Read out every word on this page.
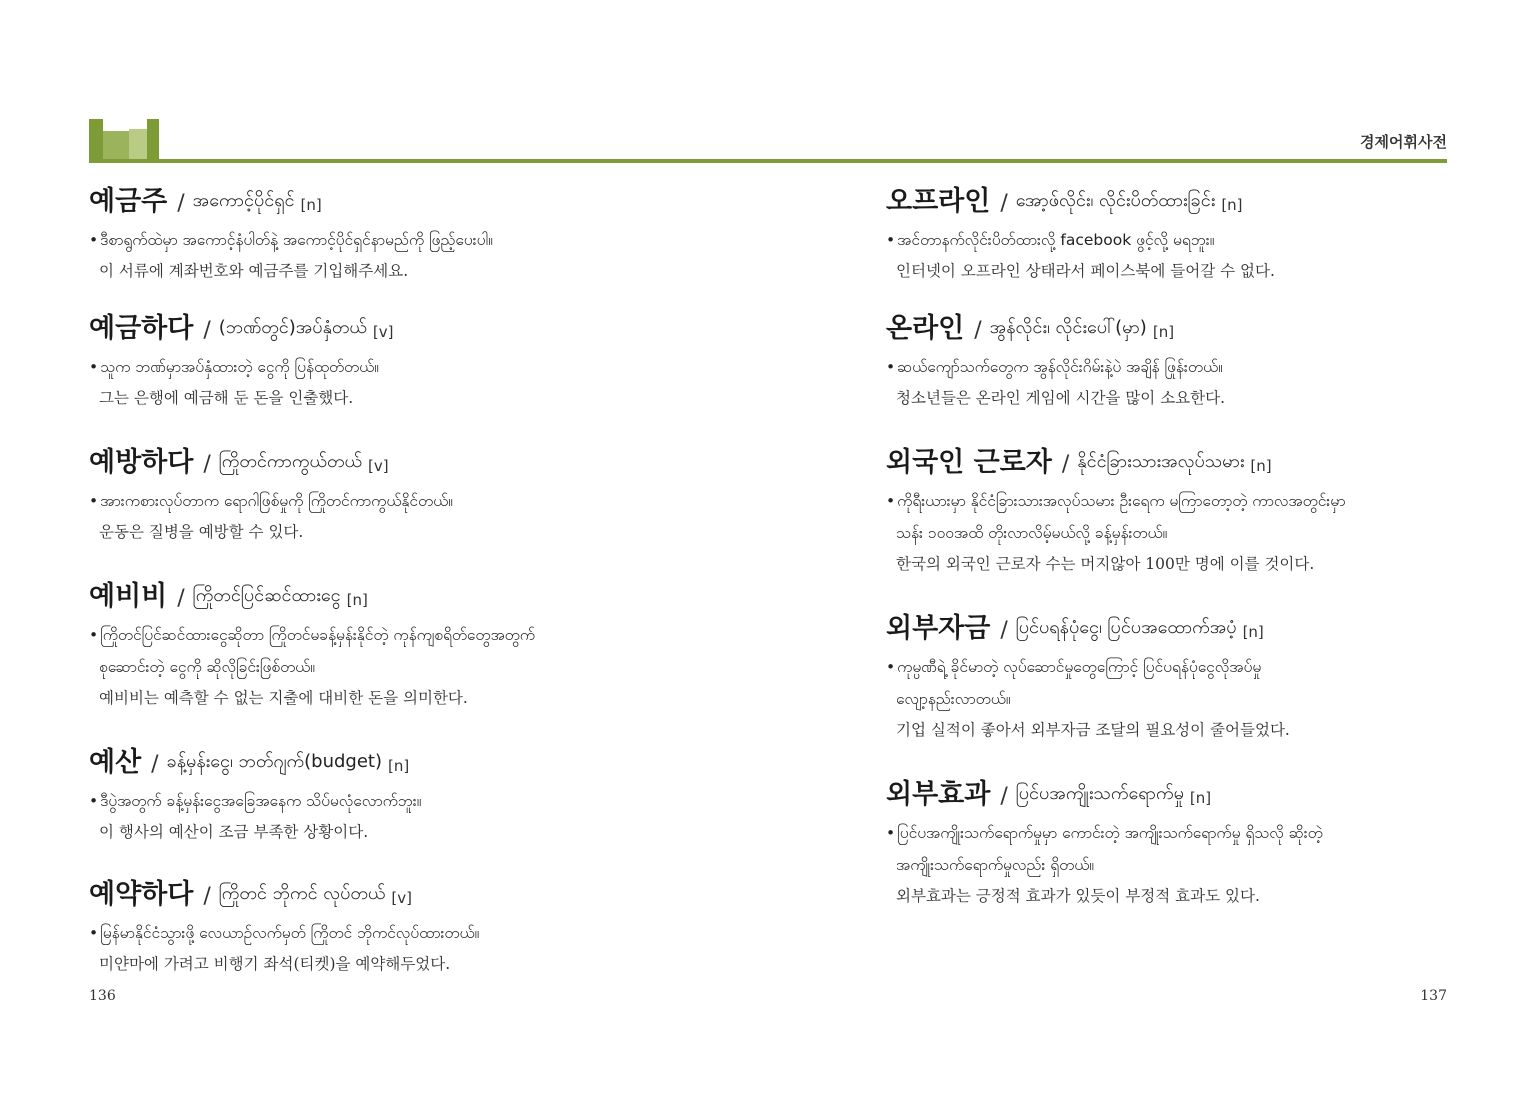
경제어휘사전
예금주 / အကောင့်ပိုင်ရှင် [n]
• ဒီစာရွက်ထဲမှာ အကောင့်နံပါတ်နဲ့ အကောင့်ပိုင်ရှင်နာမည်ကို ဖြည့်ပေးပါ။
이 서류에 계좌번호와 예금주를 기입해주세요.
예금하다 / (ဘဏ်တွင်)အပ်နှံတယ် [v]
• သူက ဘဏ်မှာအပ်နှံထားတဲ့ ငွေကို ပြန်ထုတ်တယ်။
그는 은행에 예금해 둔 돈을 인출했다.
예방하다 / ကြိုတင်ကာကွယ်တယ် [v]
• အားကစားလုပ်တာက ရောဂါဖြစ်မှုကို ကြိုတင်ကာကွယ်နိုင်တယ်။
운동은 질병을 예방할 수 있다.
예비비 / ကြိုတင်ပြင်ဆင်ထားငွေ [n]
• ကြိုတင်ပြင်ဆင်ထားငွေဆိုတာ ကြိုတင်မခန့်မှန်းနိုင်တဲ့ ကုန်ကျစရိတ်တွေအတွက်
စုဆောင်းတဲ့ ငွေကို ဆိုလိုခြင်းဖြစ်တယ်။
예비비는 예측할 수 없는 지출에 대비한 돈을 의미한다.
예산 / ခန့်မှန်းငွေ၊ ဘတ်ဂျက်(budget) [n]
• ဒီပွဲအတွက် ခန့်မှန်းငွေအခြေအနေက သိပ်မလုံလောက်ဘူး။
이 행사의 예산이 조금 부족한 상황이다.
예약하다 / ကြိုတင် ဘိုကင် လုပ်တယ် [v]
• မြန်မာနိုင်ငံသွားဖို့ လေယာဉ်လက်မှတ် ကြိုတင် ဘိုကင်လုပ်ထားတယ်။
미얀마에 가려고 비행기 좌석(티켓)을 예약해두었다.
오프라인 / အော့ဖ်လိုင်း၊ လိုင်းပိတ်ထားခြင်း [n]
• အင်တာနက်လိုင်းပိတ်ထားလို့ facebook ဖွင့်လို့ မရဘူး။
인터넷이 오프라인 상태라서 페이스북에 들어갈 수 없다.
온라인 / အွန်လိုင်း၊ လိုင်းပေါ်(မှာ) [n]
• ဆယ်ကျော်သက်တွေက အွန်လိုင်းဂိမ်းနဲ့ပဲ အချိန် ဖြုန်းတယ်။
청소년들은 온라인 게임에 시간을 많이 소요한다.
외국인 근로자 / နိုင်ငံခြားသားအလုပ်သမား [n]
• ကိုရီးယားမှာ နိုင်ငံခြားသားအလုပ်သမား ဦးရေက မကြာတော့တဲ့ ကာလအတွင်းမှာ
သန်း ၁၀၀အထိ တိုးလာလိမ့်မယ်လို့ ခန့်မှန်းတယ်။
한국의 외국인 근로자 수는 머지않아 100만 명에 이를 것이다.
외부자금 / ပြင်ပရန်ပုံငွေ၊ ပြင်ပအထောက်အပံ့ [n]
• ကုမ္ပဏီရဲ့ ခိုင်မာတဲ့ လုပ်ဆောင်မှုတွေကြောင့် ပြင်ပရန်ပုံငွေလိုအပ်မှု
လျော့နည်းလာတယ်။
기업 실적이 좋아서 외부자금 조달의 필요성이 줄어들었다.
외부효과 / ပြင်ပအကျိုးသက်ရောက်မှု [n]
• ပြင်ပအကျိုးသက်ရောက်မှုမှာ ကောင်းတဲ့ အကျိုးသက်ရောက်မှု ရှိသလို ဆိုးတဲ့
အကျိုးသက်ရောက်မှုလည်း ရှိတယ်။
외부효과는 긍정적 효과가 있듯이 부정적 효과도 있다.
136	137
